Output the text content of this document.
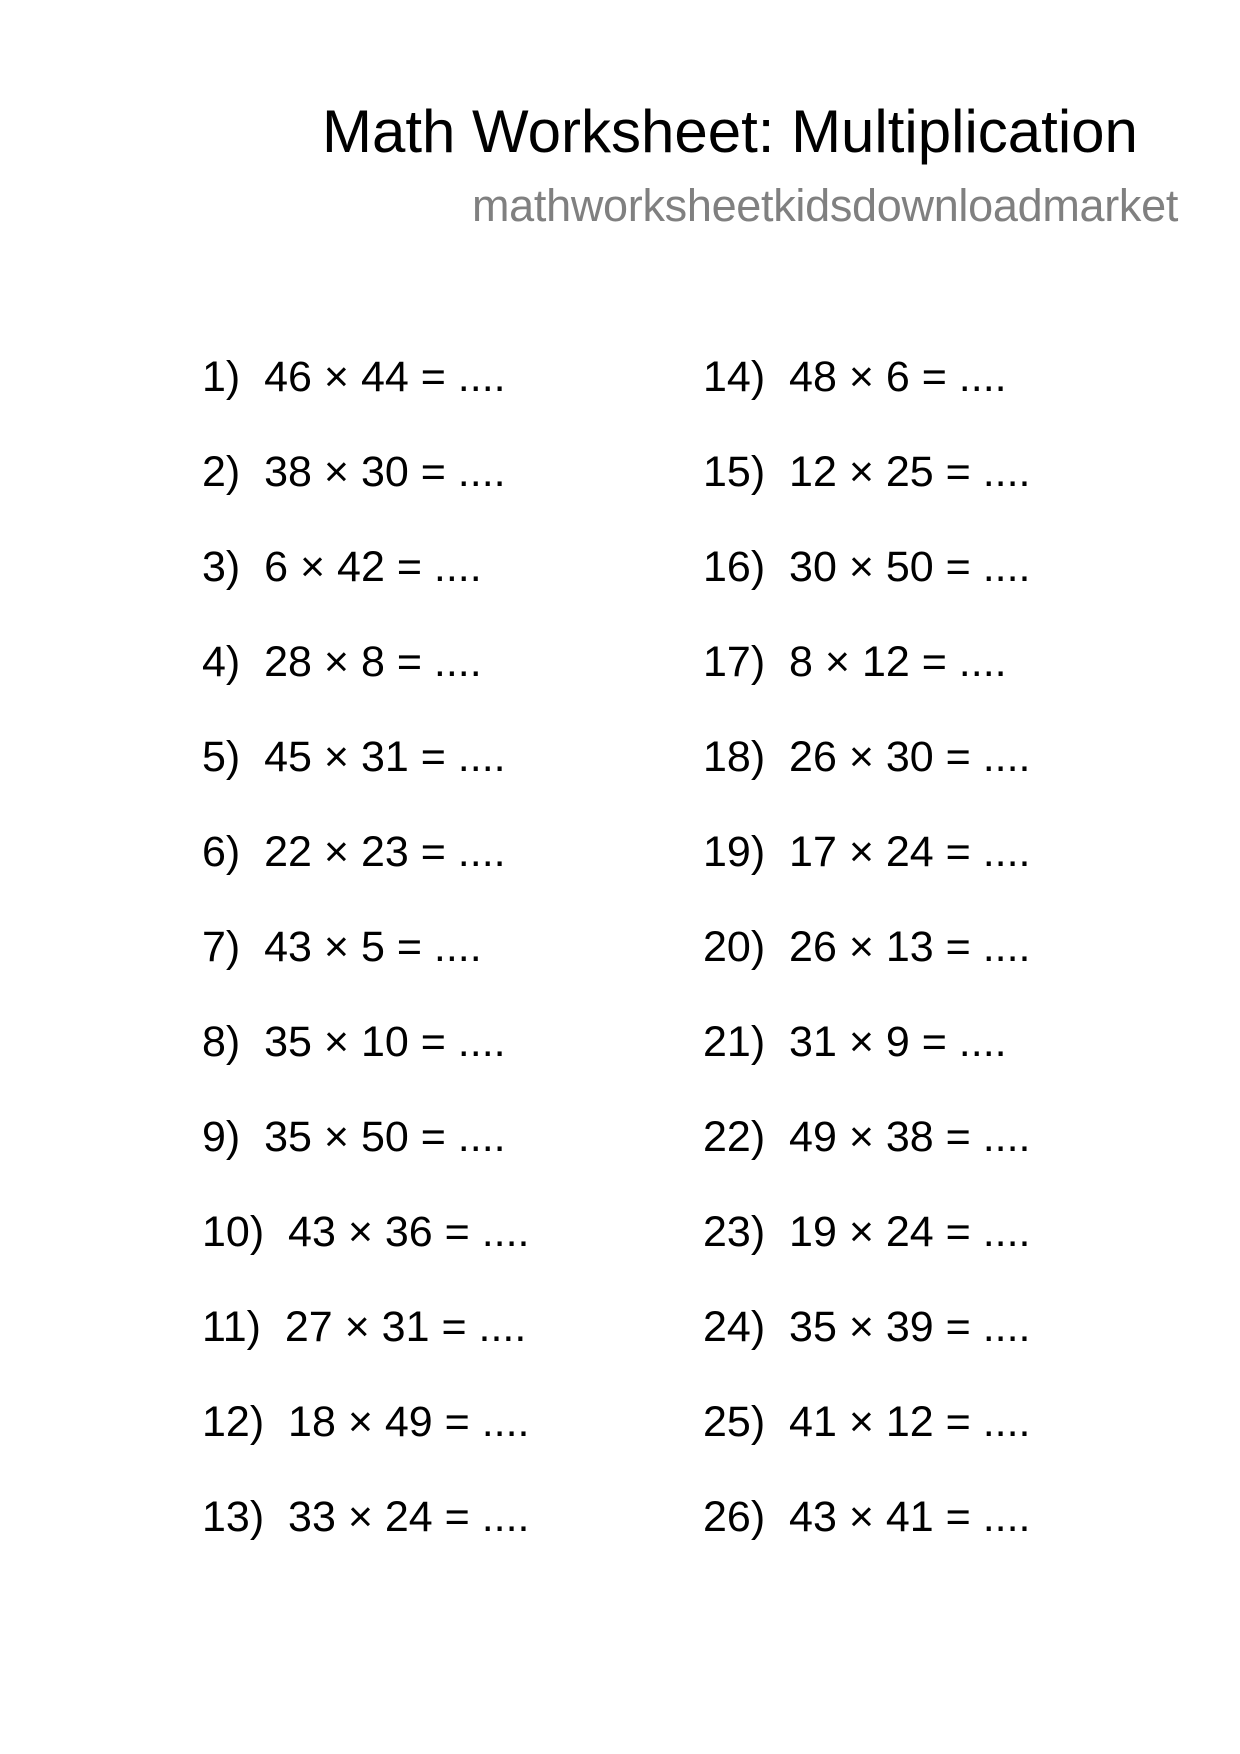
Math Worksheet: Multiplication
mathworksheetkidsdownloadmarket
1)  46 × 44 = ....
2)  38 × 30 = ....
3)  6 × 42 = ....
4)  28 × 8 = ....
5)  45 × 31 = ....
6)  22 × 23 = ....
7)  43 × 5 = ....
8)  35 × 10 = ....
9)  35 × 50 = ....
10)  43 × 36 = ....
11)  27 × 31 = ....
12)  18 × 49 = ....
13)  33 × 24 = ....
14)  48 × 6 = ....
15)  12 × 25 = ....
16)  30 × 50 = ....
17)  8 × 12 = ....
18)  26 × 30 = ....
19)  17 × 24 = ....
20)  26 × 13 = ....
21)  31 × 9 = ....
22)  49 × 38 = ....
23)  19 × 24 = ....
24)  35 × 39 = ....
25)  41 × 12 = ....
26)  43 × 41 = ....
